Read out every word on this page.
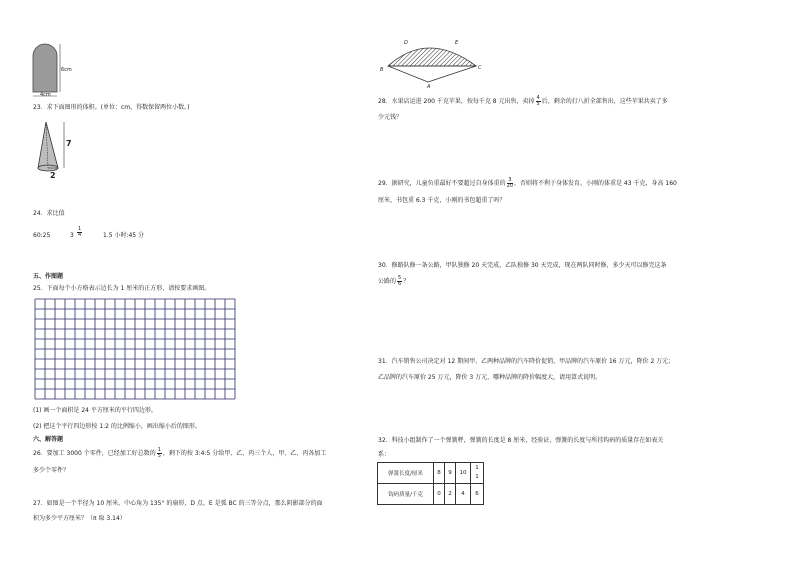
6cm
4cm
23．求下面图形的体积。(单位：cm，得数保留两位小数。)
7
2
24．求比值
60:25	$3 \frac{1}{4}$	1.5 小时:45 分
五、作图题
25．下面每个小方格表示边长为 1 厘米的正方形，请按要求画图。
(1) 画一个面积是 24 平方厘米的平行四边形。
(2) 把这个平行四边形按 1:2 的比例缩小，画出缩小后的图形。
六、解答题
26．要加工 3000 个零件，已经加工好总数的 $\frac{1}{5}$ ，剩下的按 3:4:5 分给甲、乙、丙三个人，甲、乙、丙各加工
多少个零件？
27．如图是一个半径为 10 厘米，中心角为 135° 的扇形，D 点、E 是弧 BC 的三等分点，那么阴影部分的面
积为多少平方厘米？（π 取 3.14）
D	E
B	C
A
28．水果店运进 200 千克苹果，按每千克 8 元出售，卖掉 $\frac{4}{5}$ 后，剩余的打八折全部售出，这些苹果共卖了多
少元钱？
29．据研究，儿童负重最好不要超过自身体重的 $\frac{3}{20}$ ，否则将不利于身体发育。小刚的体重是 43 千克，身高 160
厘米，书包重 6.3 千克，小刚的书包超重了吗？
30．修路队修一条公路，甲队独修 20 天完成，乙队独修 30 天完成，现在两队同时修，多少天可以修完这条
公路的 $\frac{5}{6}$ ？
31．汽车销售公司决定对 12 期间甲、乙两种品牌的汽车降价促销，甲品牌的汽车原价 16 万元，降价 2 万元；
乙品牌的汽车原价 25 万元，降价 3 万元，哪种品牌的降价幅度大，请用算式说明。
32．科技小组制作了一个弹簧秤，弹簧的长度是 8 厘米，经验证，弹簧的长度与所挂钩码的质量存在如表关
系：
弹簧长度/厘米	8	9	10	1
1
钩码质量/千克	0	2	4	6
